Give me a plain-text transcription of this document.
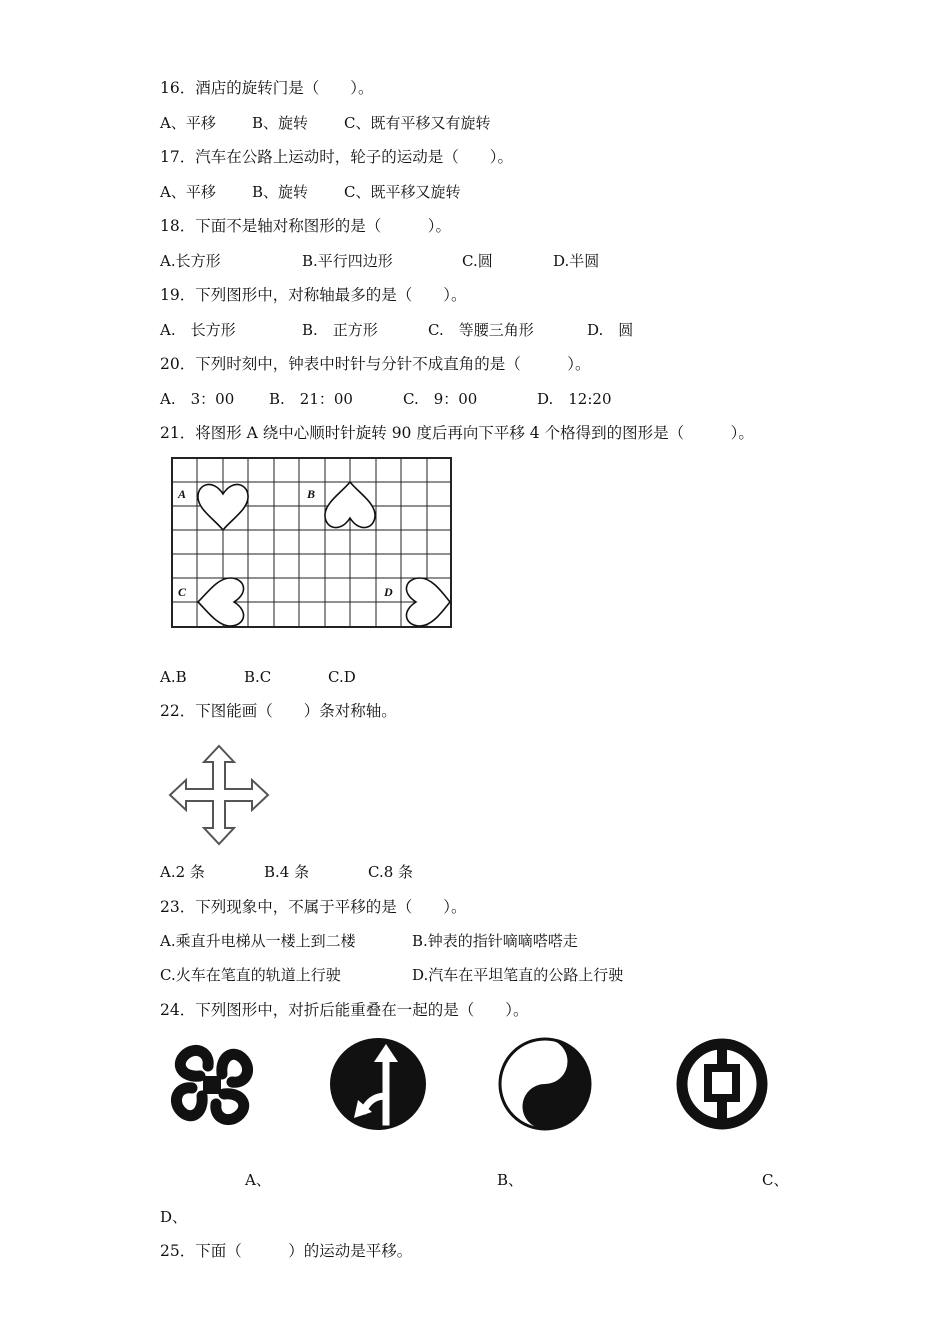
16．酒店的旋转门是（　　）。
A、平移 B、旋转 C、既有平移又有旋转
17．汽车在公路上运动时，轮子的运动是（　　）。
A、平移 B、旋转 C、既平移又旋转
18．下面不是轴对称图形的是（　　　）。
A.长方形	B.平行四边形	C.圆	D.半圆
19．下列图形中，对称轴最多的是（　　）。
A.　长方形	B.　正方形	C.　等腰三角形	D.　圆
20．下列时刻中，钟表中时针与分针不成直角的是（　　　）。
A.　3：00 B.　21：00	C.　9：00	D.　12:20
21．将图形 A 绕中心顺时针旋转 90 度后再向下平移 4 个格得到的图形是（　　　）。
A	B
C	D
A.B	B.C	C.D
22．下图能画（　　）条对称轴。
A.2 条	B.4 条	C.8 条
23．下列现象中，不属于平移的是（　　）。
A.乘直升电梯从一楼上到二楼	B.钟表的指针嘀嘀嗒嗒走
C.火车在笔直的轨道上行驶	D.汽车在平坦笔直的公路上行驶
24．下列图形中，对折后能重叠在一起的是（　　）。
A、	B、	C、
D、
25．下面（　　　）的运动是平移。
